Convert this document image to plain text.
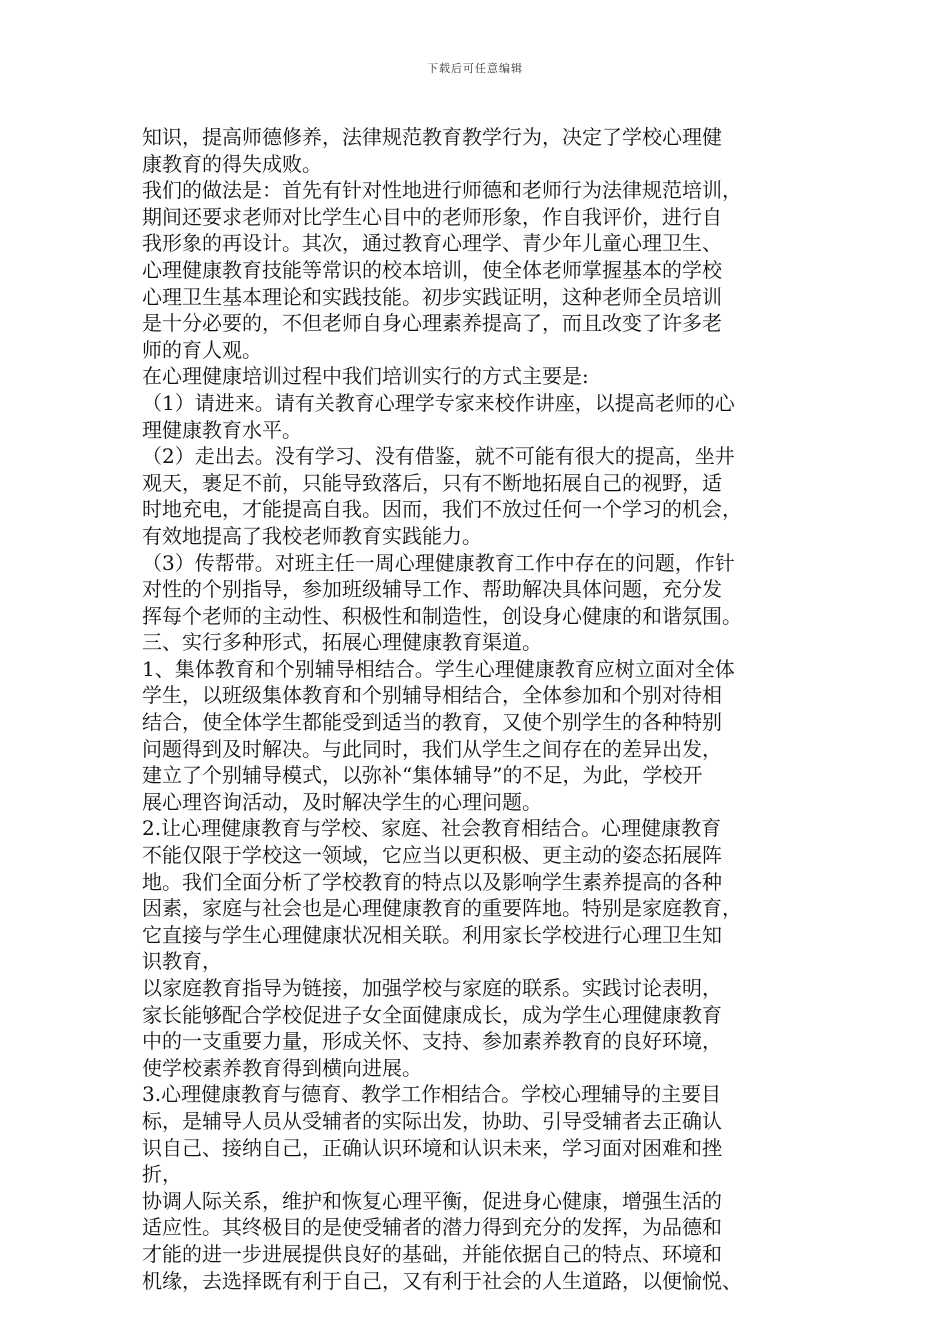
下载后可任意编辑
知识，提高师德修养，法律规范教育教学行为，决定了学校心理健
康教育的得失成败。
我们的做法是：首先有针对性地进行师德和老师行为法律规范培训，
期间还要求老师对比学生心目中的老师形象，作自我评价，进行自
我形象的再设计。其次，通过教育心理学、青少年儿童心理卫生、
心理健康教育技能等常识的校本培训，使全体老师掌握基本的学校
心理卫生基本理论和实践技能。初步实践证明，这种老师全员培训
是十分必要的，不但老师自身心理素养提高了，而且改变了许多老
师的育人观。
在心理健康培训过程中我们培训实行的方式主要是:
（1）请进来。请有关教育心理学专家来校作讲座，以提高老师的心
理健康教育水平。
（2）走出去。没有学习、没有借鉴，就不可能有很大的提高，坐井
观天，裹足不前，只能导致落后，只有不断地拓展自己的视野，适
时地充电，才能提高自我。因而，我们不放过任何一个学习的机会，
有效地提高了我校老师教育实践能力。
（3）传帮带。对班主任一周心理健康教育工作中存在的问题，作针
对性的个别指导，参加班级辅导工作、帮助解决具体问题，充分发
挥每个老师的主动性、积极性和制造性，创设身心健康的和谐氛围。
三、实行多种形式，拓展心理健康教育渠道。
1、集体教育和个别辅导相结合。学生心理健康教育应树立面对全体
学生，以班级集体教育和个别辅导相结合，全体参加和个别对待相
结合，使全体学生都能受到适当的教育，又使个别学生的各种特别
问题得到及时解决。与此同时，我们从学生之间存在的差异出发，
建立了个别辅导模式，以弥补“集体辅导”的不足，为此，学校开
展心理咨询活动，及时解决学生的心理问题。
2.让心理健康教育与学校、家庭、社会教育相结合。心理健康教育
不能仅限于学校这一领域，它应当以更积极、更主动的姿态拓展阵
地。我们全面分析了学校教育的特点以及影响学生素养提高的各种
因素，家庭与社会也是心理健康教育的重要阵地。特别是家庭教育，
它直接与学生心理健康状况相关联。利用家长学校进行心理卫生知
识教育，
以家庭教育指导为链接，加强学校与家庭的联系。实践讨论表明，
家长能够配合学校促进子女全面健康成长，成为学生心理健康教育
中的一支重要力量，形成关怀、支持、参加素养教育的良好环境，
使学校素养教育得到横向进展。
3.心理健康教育与德育、教学工作相结合。学校心理辅导的主要目
标，是辅导人员从受辅者的实际出发，协助、引导受辅者去正确认
识自己、接纳自己，正确认识环境和认识未来，学习面对困难和挫
折，
协调人际关系，维护和恢复心理平衡，促进身心健康，增强生活的
适应性。其终极目的是使受辅者的潜力得到充分的发挥，为品德和
才能的进一步进展提供良好的基础，并能依据自己的特点、环境和
机缘，去选择既有利于自己，又有利于社会的人生道路，以便愉悦、
